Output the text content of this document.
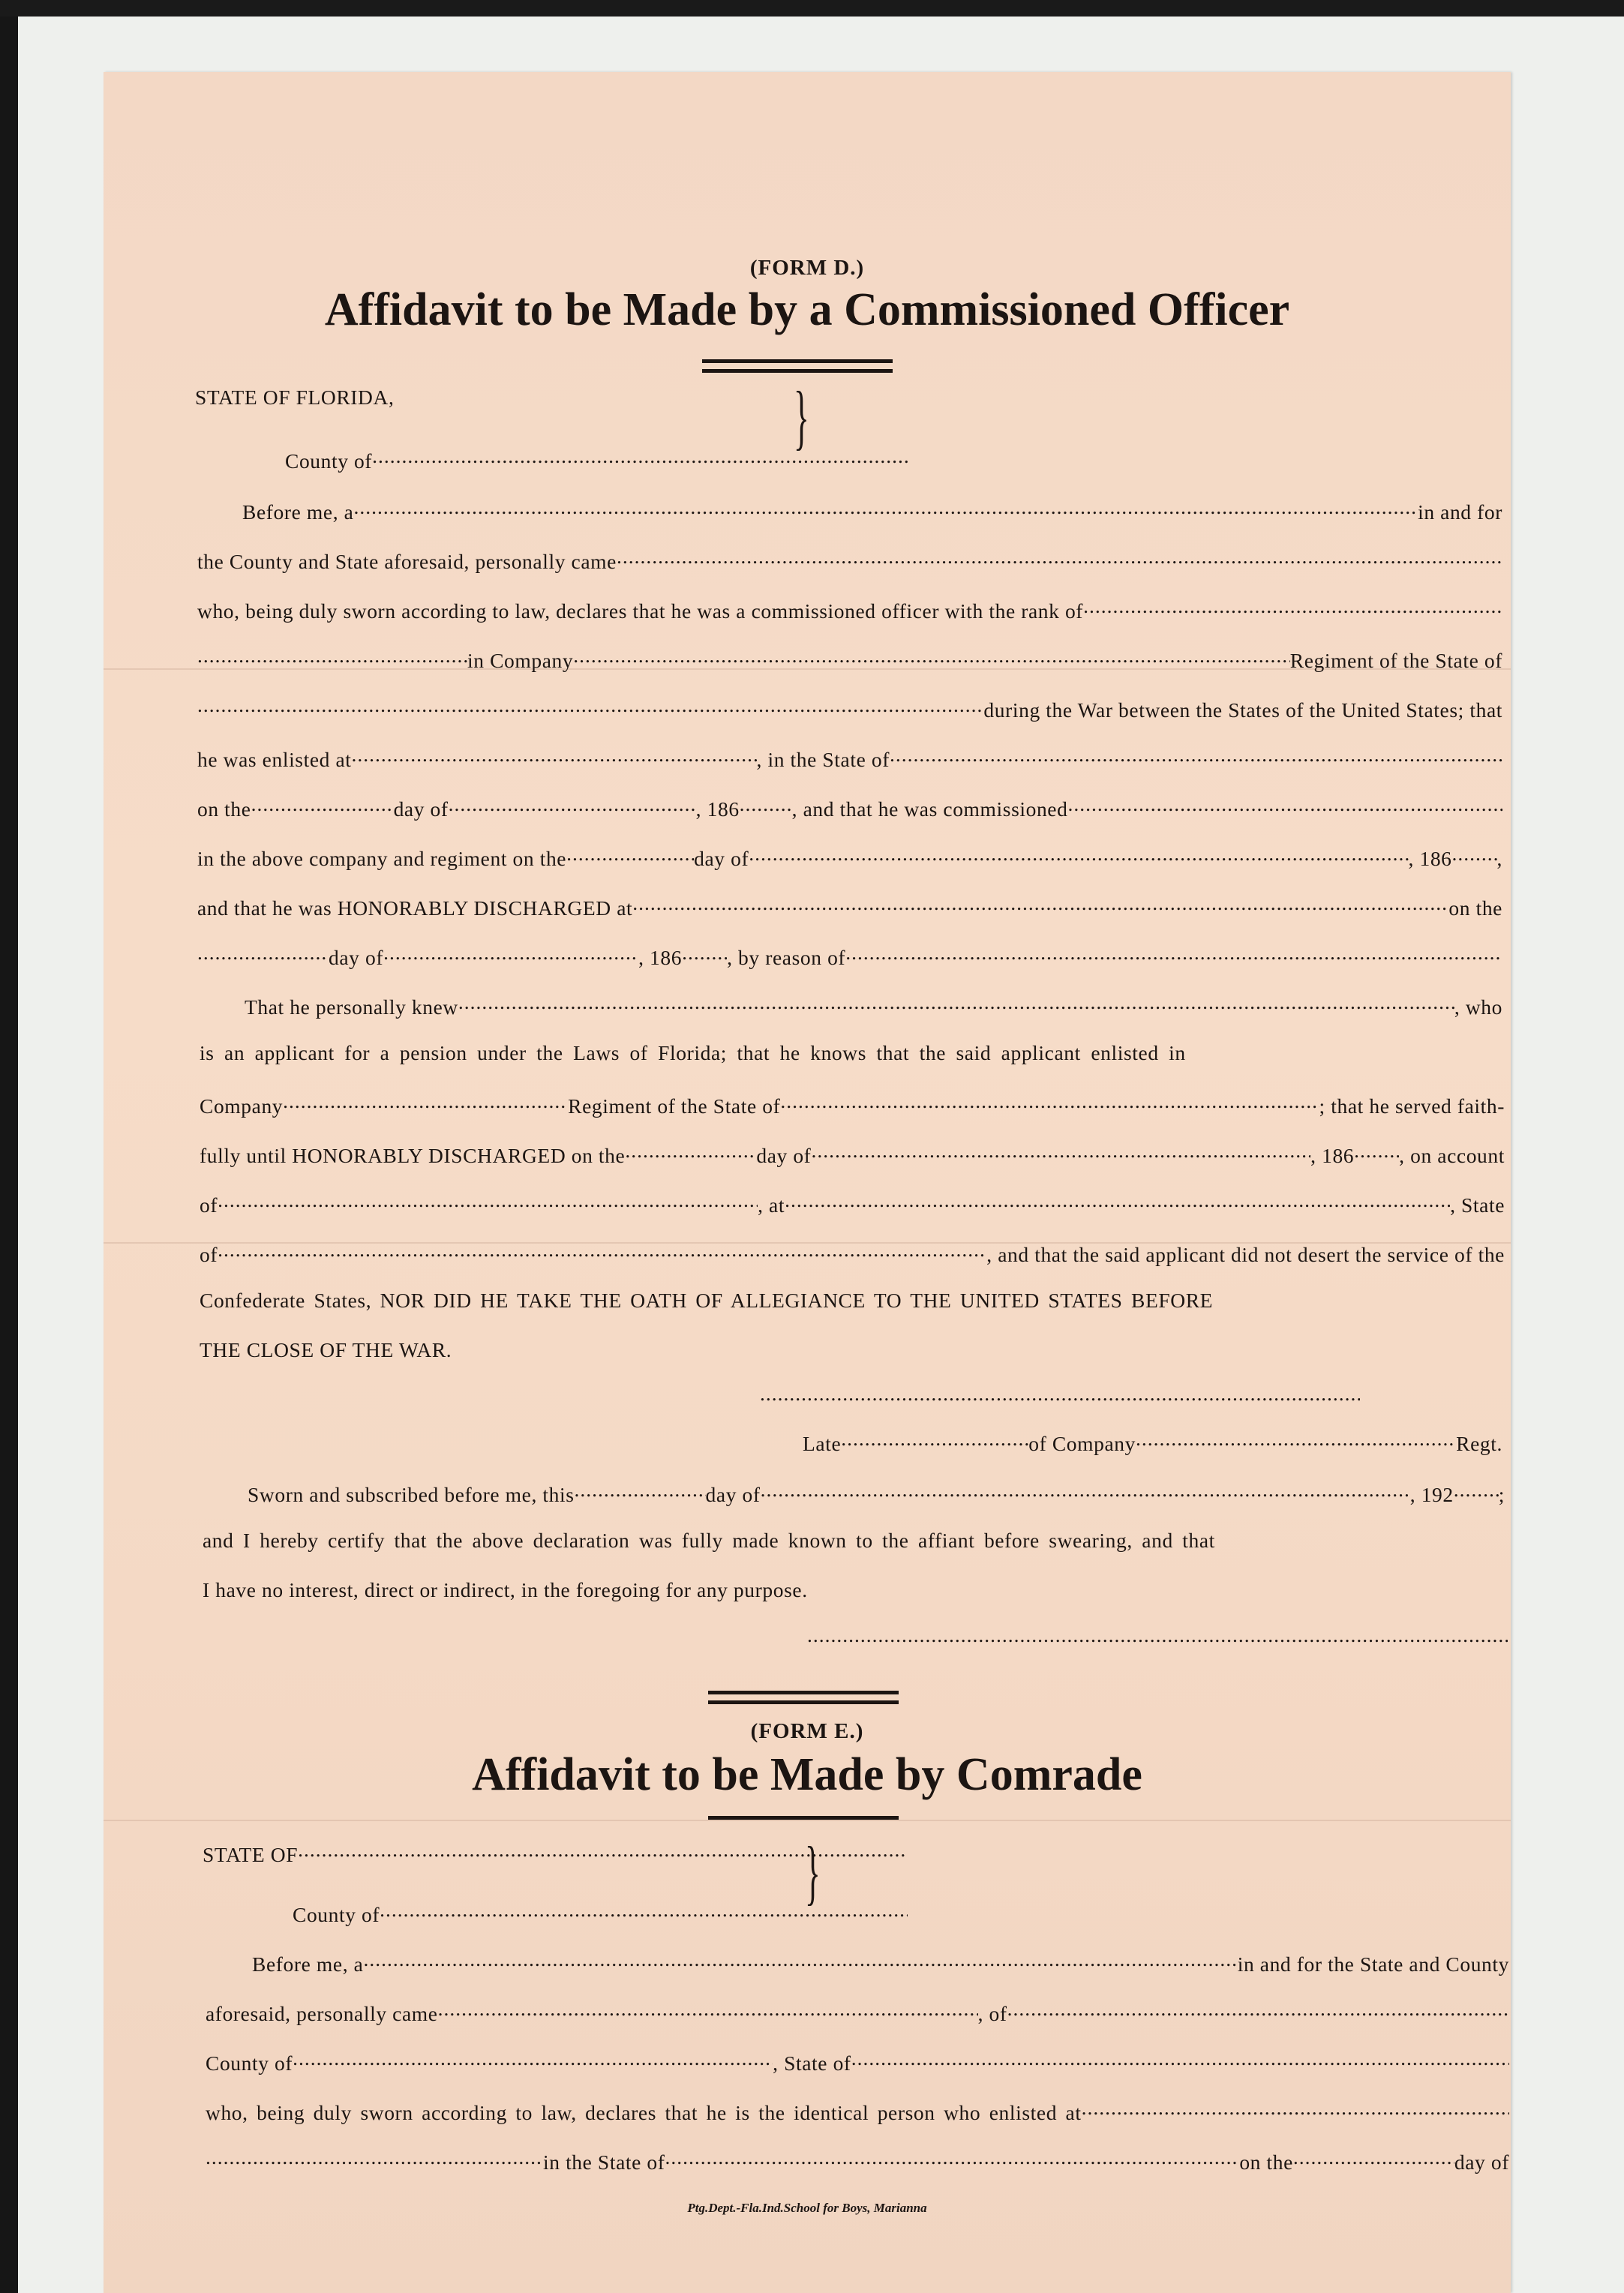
(FORM D.)
Affidavit to be Made by a Commissioned Officer
STATE OF FLORIDA,	}
County of
.....
Before me, a .....	in and for
the County and State aforesaid, personally came
.....
who, being duly sworn according to law, declares that he was a commissioned officer with the rank of
.....
.....
in Company .....	Regiment of the State of
.....
during the War between the States of the United States; that
he was enlisted at .....	, in the State of
.....
on the .....	day of .....	, 186 .....	, and that he was commissioned
.....
in the above company and regiment on the .....	day of .....	, 186 ..... ,
and that he was HONORABLY DISCHARGED at .....	on the
.....
day of .....	, 186 ..... , by reason of
.....
That he personally knew .....	, who
is an applicant for a pension under the Laws of Florida; that he knows that the said applicant enlisted in
Company .....	Regiment of the State of .....	; that he served faith-
fully until HONORABLY DISCHARGED on the .....	day of .....	, 186 ..... , on account
of .....	, at .....	, State
of .....	, and that the said applicant did not desert the service of the
Confederate States, NOR DID HE TAKE THE OATH OF ALLEGIANCE TO THE UNITED STATES BEFORE
THE CLOSE OF THE WAR.
.....
Late .....	of Company .....	Regt.
Sworn and subscribed before me, this .....	day of .....	, 192 ..... ;
and I hereby certify that the above declaration was fully made known to the affiant before swearing, and that
I have no interest, direct or indirect, in the foregoing for any purpose.
.....
(FORM E.)
Affidavit to be Made by Comrade
STATE OF .....	}
County of
.....
Before me, a .....	in and for the State and County
aforesaid, personally came .....	, of
.....
County of .....	, State of
.....
who, being duly sworn according to law, declares that he is the identical person who enlisted at
.....
.....
in the State of .....	on the .....	day of
Ptg.Dept.-Fla.Ind.School for Boys, Marianna
